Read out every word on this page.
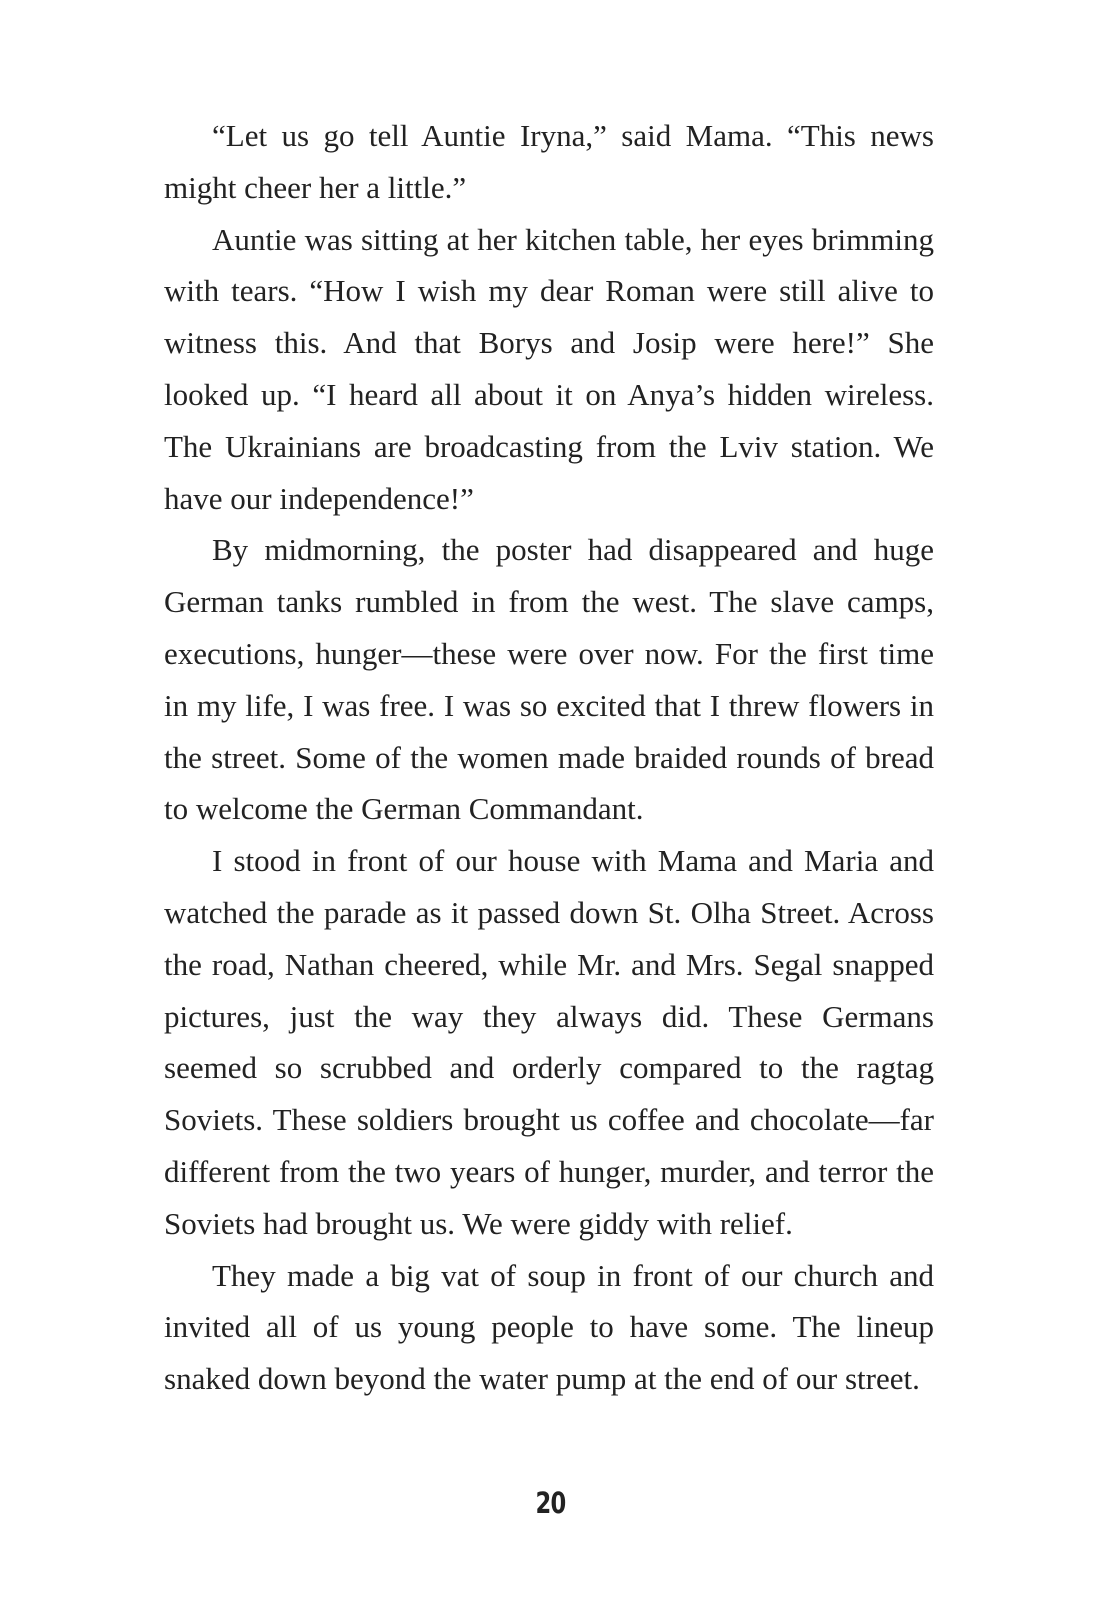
“Let us go tell Auntie Iryna,” said Mama. “This news might cheer her a little.”

Auntie was sitting at her kitchen table, her eyes brimming with tears. “How I wish my dear Roman were still alive to witness this. And that Borys and Josip were here!” She looked up. “I heard all about it on Anya’s hidden wireless. The Ukrainians are broadcasting from the Lviv station. We have our independence!”

By midmorning, the poster had disappeared and huge German tanks rumbled in from the west. The slave camps, executions, hunger—these were over now. For the first time in my life, I was free. I was so excited that I threw flowers in the street. Some of the women made braided rounds of bread to welcome the German Commandant.

I stood in front of our house with Mama and Maria and watched the parade as it passed down St. Olha Street. Across the road, Nathan cheered, while Mr. and Mrs. Segal snapped pictures, just the way they always did. These Germans seemed so scrubbed and orderly compared to the ragtag Soviets. These soldiers brought us coffee and chocolate—far different from the two years of hunger, murder, and terror the Soviets had brought us. We were giddy with relief.

They made a big vat of soup in front of our church and invited all of us young people to have some. The lineup snaked down beyond the water pump at the end of our street.

20
